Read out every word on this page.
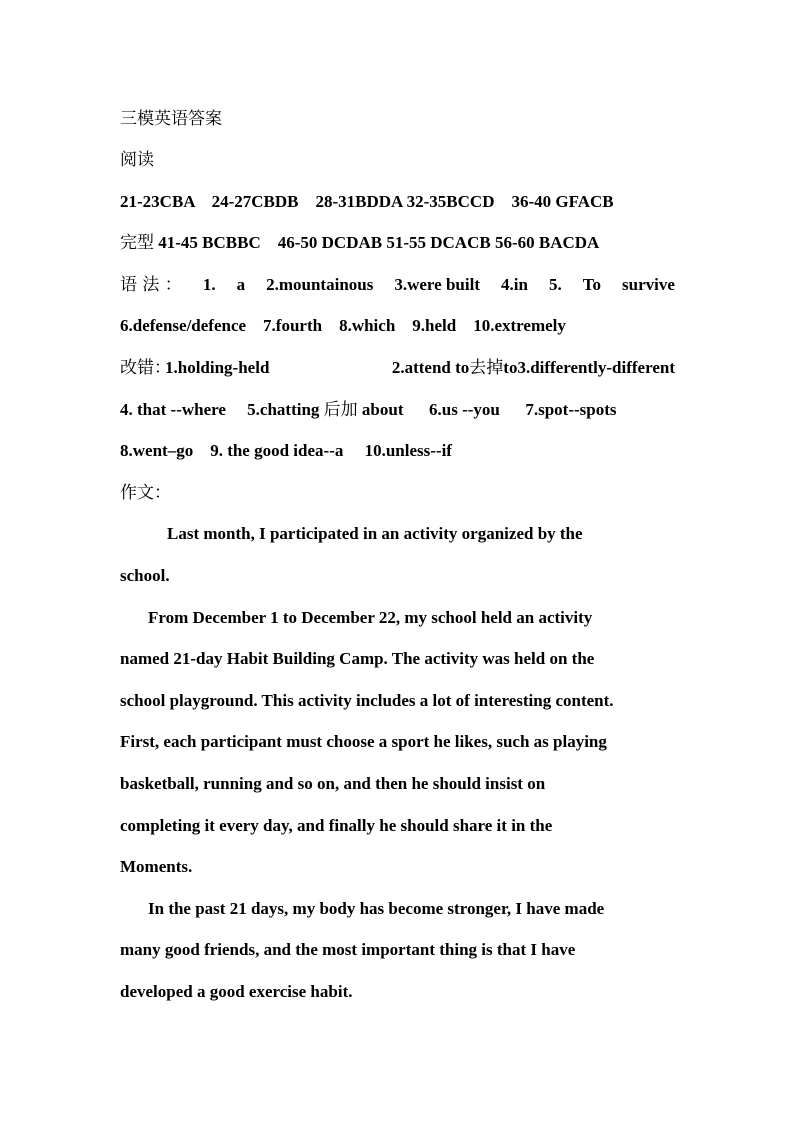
三模英语答案
阅读
21-23CBA    24-27CBDB    28-31BDDA 32-35BCCD    36-40 GFACB
完型 41-45 BCBBC    46-50 DCDAB 51-55 DCACB 56-60 BACDA
语 法 ： 1. a 2.mountainous 3.were built 4.in 5. To survive
6.defense/defence    7.fourth    8.which    9.held    10.extremely
改错：
1.holding-held	2.attend to 去掉 to 3. differently- different
4. that --where     5.chatting 后加 about      6.us --you      7.spot--spots
8.went–go    9. the good idea--a     10.unless--if
作文：
Last month, I participated in an activity organized by the
school.
From December 1 to December 22, my school held an activity
named 21-day Habit Building Camp. The activity was held on the
school playground. This activity includes a lot of interesting content.
First, each participant must choose a sport he likes, such as playing
basketball, running and so on, and then he should insist on
completing it every day, and finally he should share it in the
Moments.
In the past 21 days, my body has become stronger, I have made
many good friends, and the most important thing is that I have
developed a good exercise habit.
